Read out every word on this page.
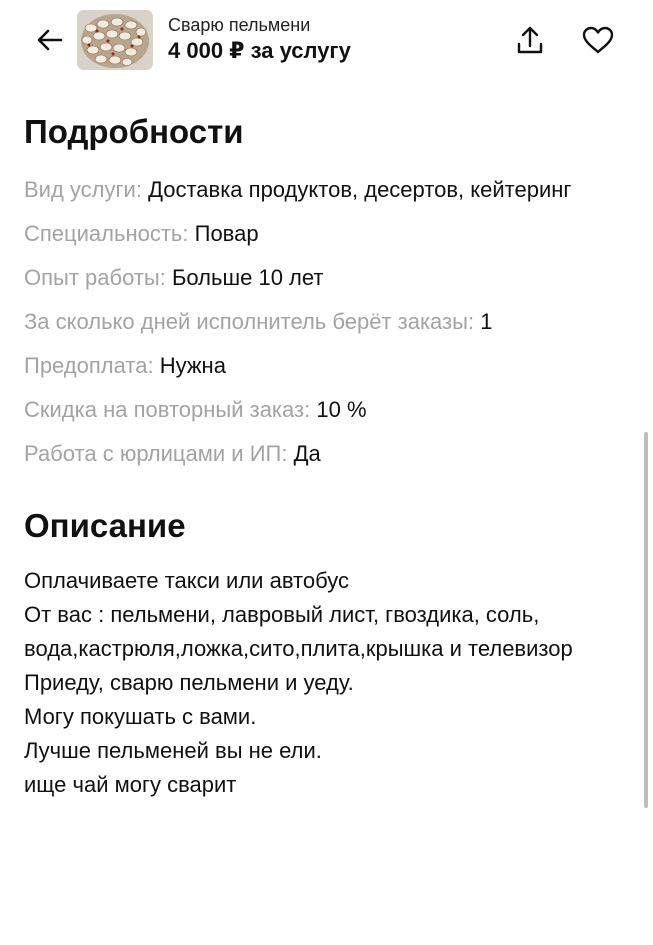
Сварю пельмени
4 000 ₽ за услугу
Подробности
Вид услуги: Доставка продуктов, десертов, кейтеринг
Специальность: Повар
Опыт работы: Больше 10 лет
За сколько дней исполнитель берёт заказы: 1
Предоплата: Нужна
Скидка на повторный заказ: 10 %
Работа с юрлицами и ИП: Да
Описание
Оплачиваете такси или автобус
От вас : пельмени, лавровый лист, гвоздика, соль, вода,кастрюля,ложка,сито,плита,крышка и телевизор
Приеду, сварю пельмени и уеду.
Могу покушать с вами.
Лучше пельменей вы не ели.
ище чай могу сварит
